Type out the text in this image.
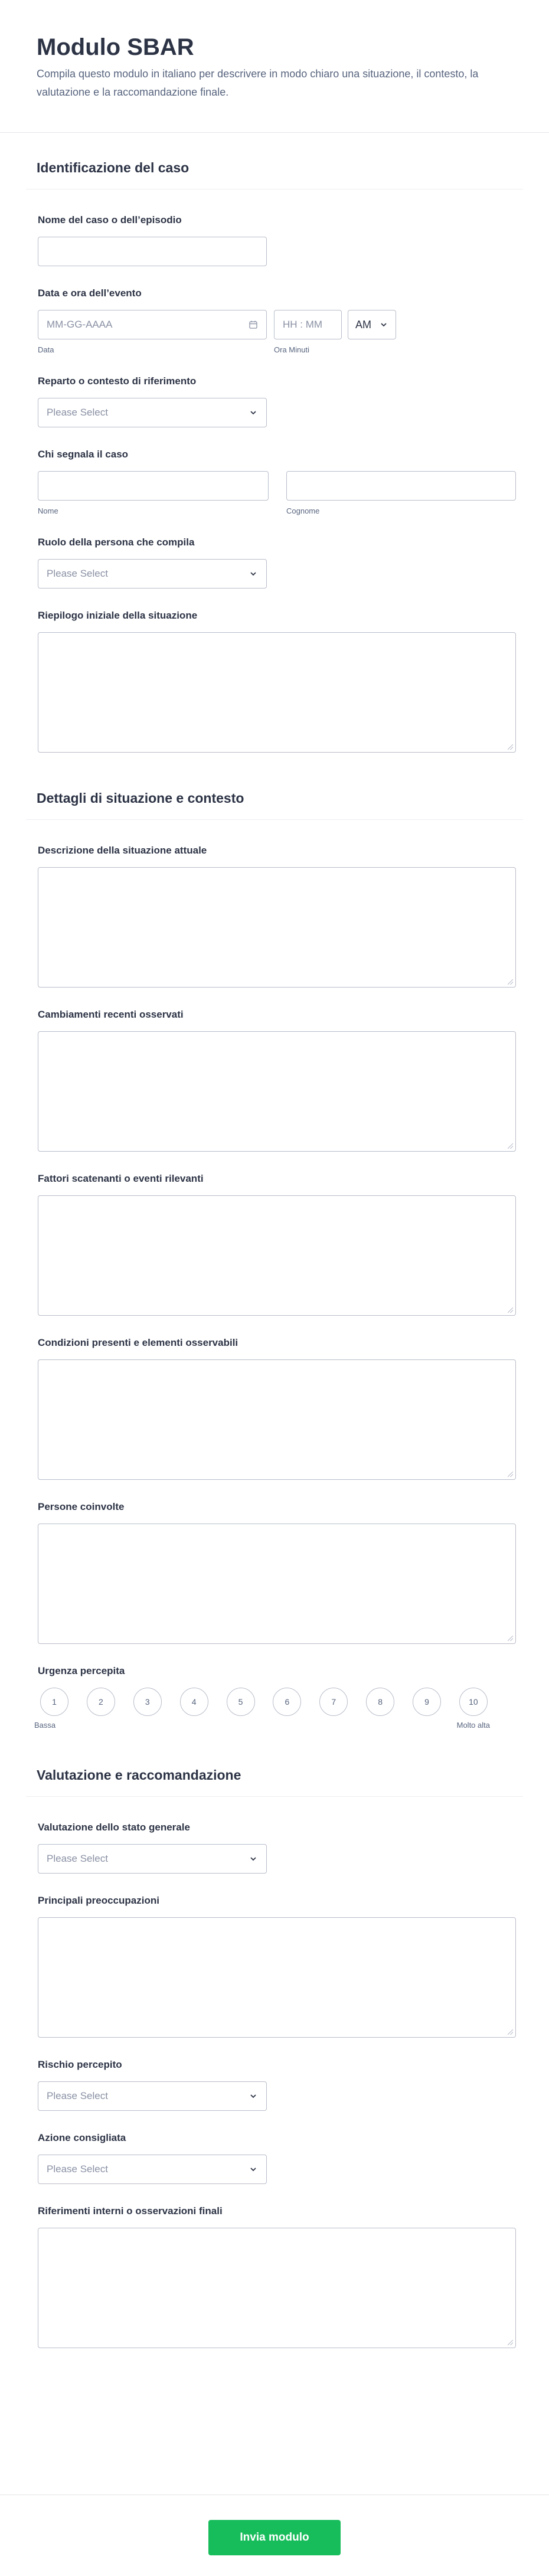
Modulo SBAR
Compila questo modulo in italiano per descrivere in modo chiaro una situazione, il contesto, la valutazione e la raccomandazione finale.
Identificazione del caso
Nome del caso o dell’episodio
Data e ora dell’evento
MM-GG-AAAA
Data
HH : MM
Ora Minuti
AM
Reparto o contesto di riferimento
Please Select
Chi segnala il caso
Nome	Cognome
Ruolo della persona che compila
Please Select
Riepilogo iniziale della situazione
Dettagli di situazione e contesto
Descrizione della situazione attuale
Cambiamenti recenti osservati
Fattori scatenanti o eventi rilevanti
Condizioni presenti e elementi osservabili
Persone coinvolte
Urgenza percepita
1	2	3	4	5	6	7	8	9	10
Bassa	Molto alta
Valutazione e raccomandazione
Valutazione dello stato generale
Please Select
Principali preoccupazioni
Rischio percepito
Please Select
Azione consigliata
Please Select
Riferimenti interni o osservazioni finali
Invia modulo
